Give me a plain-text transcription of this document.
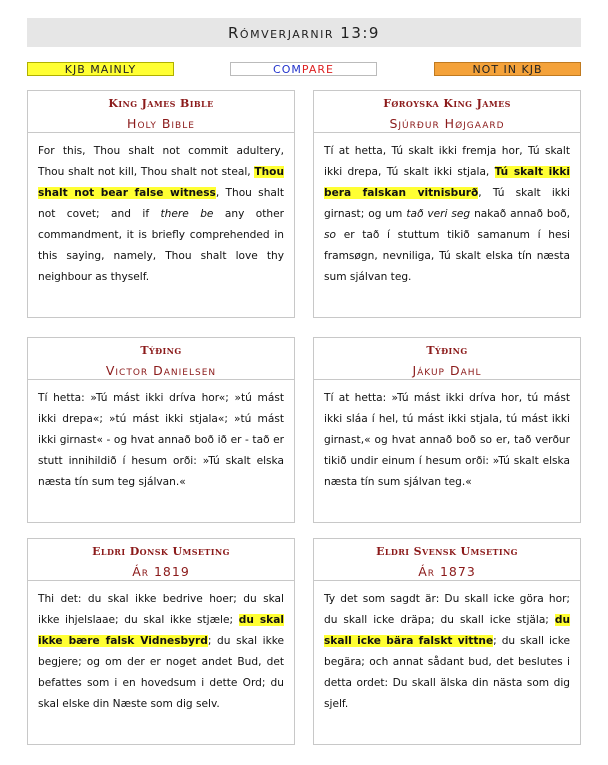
Rómverjarnir 13:9
KJB MAINLY	COM PARE	NOT IN KJB
King James Bible
Holy Bible
For this, Thou shalt not commit adultery, Thou shalt not kill, Thou shalt not steal, Thou shalt not bear false witness, Thou shalt not covet; and if there be any other commandment, it is briefly comprehended in this saying, namely, Thou shalt love thy neighbour as thyself.
Føroyska King James
Sjúrður Højgaard
Tí at hetta, Tú skalt ikki fremja hor, Tú skalt ikki drepa, Tú skalt ikki stjala, Tú skalt ikki bera falskan vitnisburð, Tú skalt ikki girnast; og um tað veri seg nakað annað boð, so er tað í stuttum tikið samanum í hesi framsøgn, nevniliga, Tú skalt elska tín næsta sum sjálvan teg.
Týðing
Victor Danielsen
Tí hetta: »Tú mást ikki dríva hor«; »tú mást ikki drepa«; »tú mást ikki stjala«; »tú mást ikki girnast« - og hvat annað boð ið er - tað er stutt innihildið í hesum orði: »Tú skalt elska næsta tín sum teg sjálvan.«
Týðing
Jákup Dahl
Tí at hetta: »Tú mást ikki dríva hor, tú mást ikki sláa í hel, tú mást ikki stjala, tú mást ikki girnast,« og hvat annað boð so er, tað verður tikið undir einum í hesum orði: »Tú skalt elska næsta tín sum sjálvan teg.«
Eldri Donsk Umseting
Ár 1819
Thi det: du skal ikke bedrive hoer; du skal ikke ihjelslaae; du skal ikke stjæle; du skal ikke bære falsk Vidnesbyrd; du skal ikke begjere; og om der er noget andet Bud, det befattes som i en hovedsum i dette Ord; du skal elske din Næste som dig selv.
Eldri Svensk Umseting
Ár 1873
Ty det som sagdt är: Du skall icke göra hor; du skall icke dräpa; du skall icke stjäla; du skall icke bära falskt vittne; du skall icke begära; och annat sådant bud, det beslutes i detta ordet: Du skall älska din nästa som dig sjelf.
